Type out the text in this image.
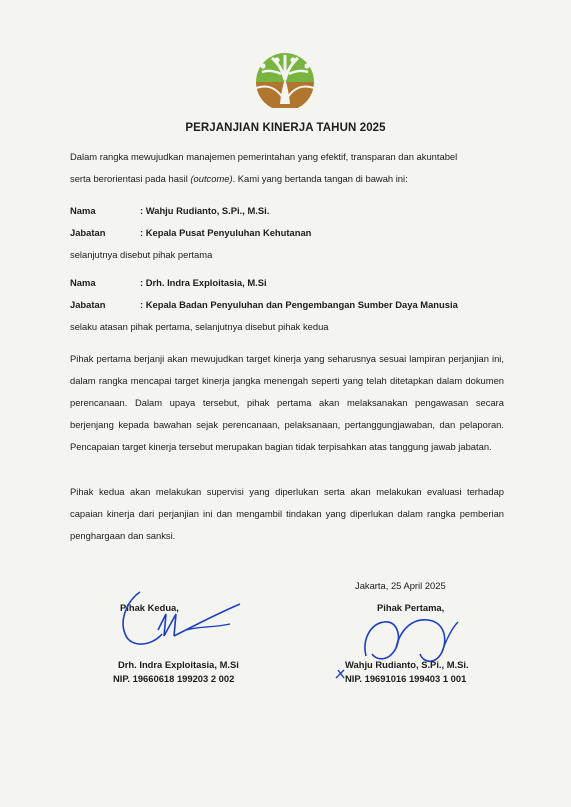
PERJANJIAN KINERJA TAHUN 2025
Dalam rangka mewujudkan manajemen pemerintahan yang efektif, transparan dan akuntabel
serta berorientasi pada hasil (outcome). Kami yang bertanda tangan di bawah ini:
Nama	: Wahju Rudianto, S.Pi., M.Si.
Jabatan	: Kepala Pusat Penyuluhan Kehutanan
selanjutnya disebut pihak pertama
Nama	: Drh. Indra Exploitasia, M.Si
Jabatan	: Kepala Badan Penyuluhan dan Pengembangan Sumber Daya Manusia
selaku atasan pihak pertama, selanjutnya disebut pihak kedua
Pihak pertama berjanji akan mewujudkan target kinerja yang seharusnya sesuai lampiran perjanjian ini, dalam rangka mencapai target kinerja jangka menengah seperti yang telah ditetapkan dalam dokumen perencanaan. Dalam upaya tersebut, pihak pertama akan melaksanakan pengawasan secara berjenjang kepada bawahan sejak perencanaan, pelaksanaan, pertanggungjawaban, dan pelaporan. Pencapaian target kinerja tersebut merupakan bagian tidak terpisahkan atas tanggung jawab jabatan.
Pihak kedua akan melakukan supervisi yang diperlukan serta akan melakukan evaluasi terhadap capaian kinerja dari perjanjian ini dan mengambil tindakan yang diperlukan dalam rangka pemberian penghargaan dan sanksi.
Jakarta, 25 April 2025
Pihak Kedua,	Pihak Pertama,
Drh. Indra Exploitasia, M.Si
NIP. 19660618 199203 2 002
Wahju Rudianto, S.Pi., M.Si.
NIP. 19691016 199403 1 001
